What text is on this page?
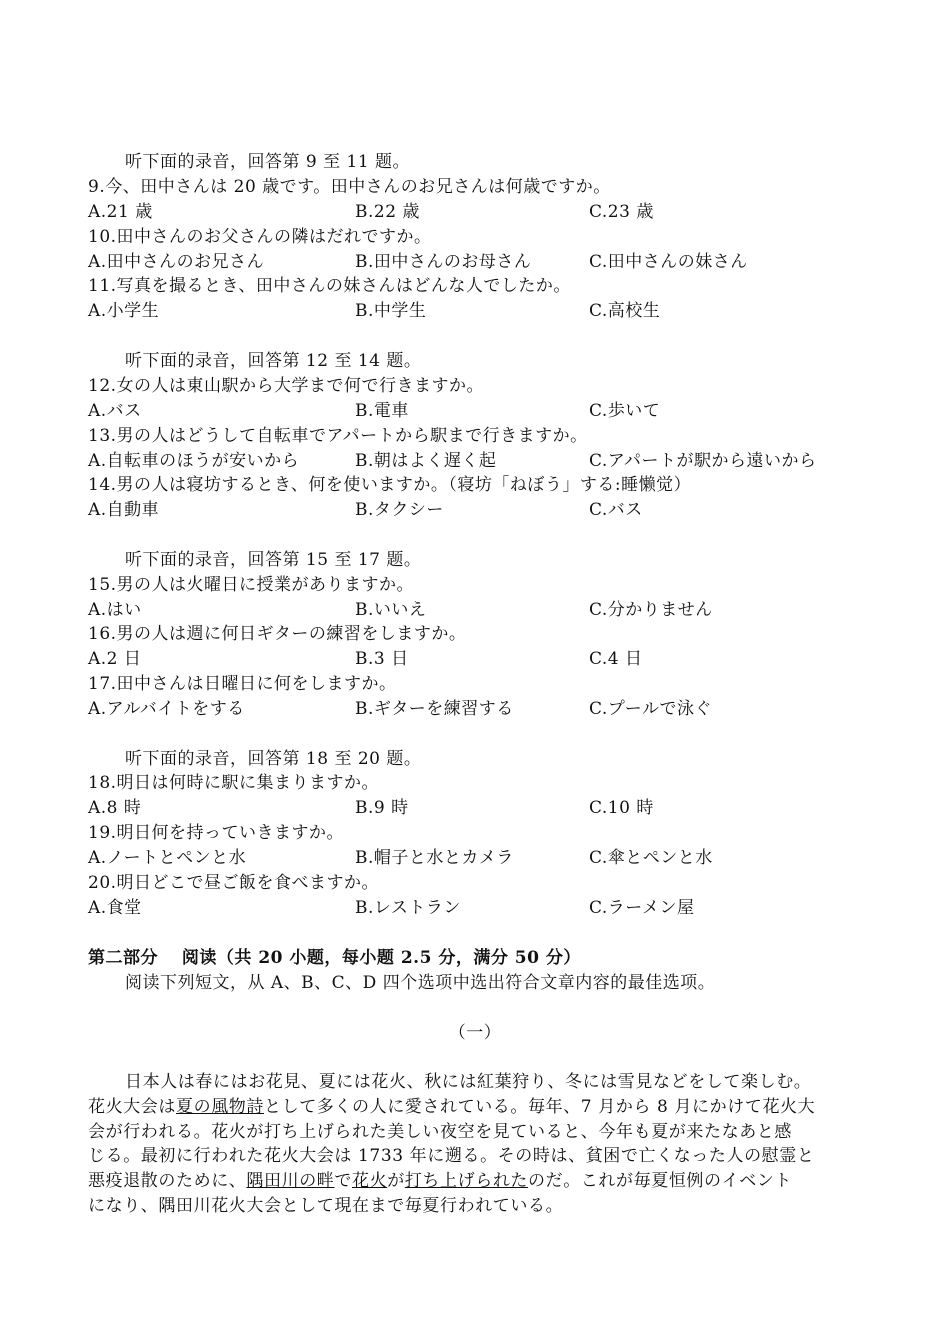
听下面的录音，回答第 9 至 11 题。
9.今、田中さんは 20 歳です。田中さんのお兄さんは何歳ですか。
A.21 歳	B.22 歳	C.23 歳
10.田中さんのお父さんの隣はだれですか。
A.田中さんのお兄さん	B.田中さんのお母さん	C.田中さんの妹さん
11.写真を撮るとき、田中さんの妹さんはどんな人でしたか。
A.小学生	B.中学生	C.高校生
听下面的录音，回答第 12 至 14 题。
12.女の人は東山駅から大学まで何で行きますか。
A.バス	B.電車	C.歩いて
13.男の人はどうして自転車でアパートから駅まで行きますか。
A.自転車のほうが安いから	B.朝はよく遅く起	C.アパートが駅から遠いから
14.男の人は寝坊するとき、何を使いますか。（寝坊「ねぼう」する:睡懒觉）
A.自動車	B.タクシー	C.バス
听下面的录音，回答第 15 至 17 题。
15.男の人は火曜日に授業がありますか。
A.はい	B.いいえ	C.分かりません
16.男の人は週に何日ギターの練習をしますか。
A.2 日	B.3 日	C.4 日
17.田中さんは日曜日に何をしますか。
A.アルバイトをする	B.ギターを練習する	C.プールで泳ぐ
听下面的录音，回答第 18 至 20 题。
18.明日は何時に駅に集まりますか。
A.8 時	B.9 時	C.10 時
19.明日何を持っていきますか。
A.ノートとペンと水	B.帽子と水とカメラ	C.傘とペンと水
20.明日どこで昼ご飯を食べますか。
A.食堂	B.レストラン	C.ラーメン屋
第二部分　 阅读（共 20 小题，每小题 2.5 分，满分 50 分）
阅读下列短文，从 A、B、C、D 四个选项中选出符合文章内容的最佳选项。
（一）
日本人は春にはお花見、夏には花火、秋には紅葉狩り、冬には雪見などをして楽しむ。
花火大会は夏の風物詩として多くの人に愛されている。毎年、7 月から 8 月にかけて花火大
会が行われる。花火が打ち上げられた美しい夜空を見ていると、今年も夏が来たなあと感
じる。最初に行われた花火大会は 1733 年に遡る。その時は、貧困で亡くなった人の慰霊と
悪疫退散のために、隅田川の畔で花火が打ち上げられたのだ。これが毎夏恒例のイベント
になり、隅田川花火大会として現在まで毎夏行われている。
